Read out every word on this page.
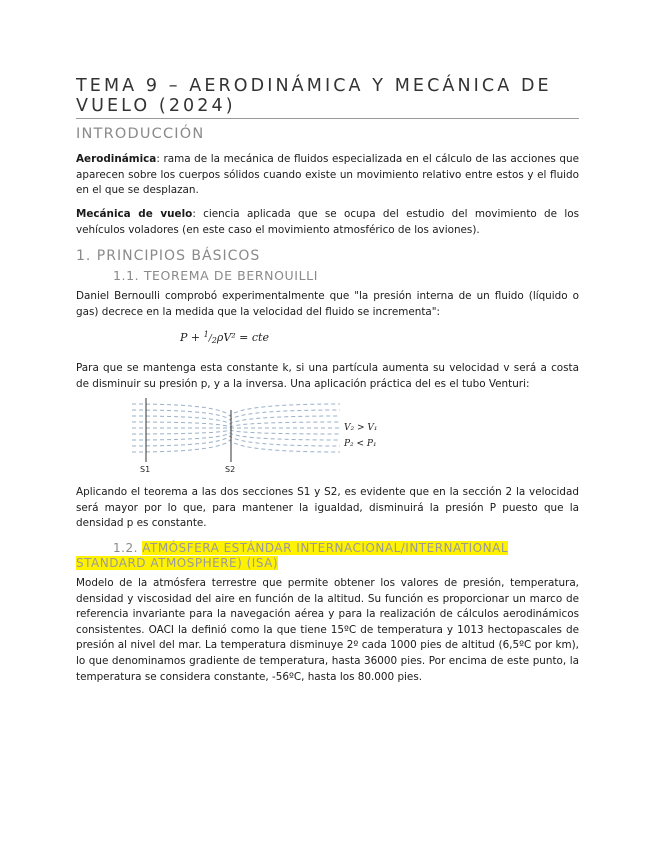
TEMA 9 – AERODINÁMICA Y MECÁNICA DE VUELO (2024)
INTRODUCCIÓN

Aerodinámica: rama de la mecánica de fluidos especializada en el cálculo de las acciones que aparecen sobre los cuerpos sólidos cuando existe un movimiento relativo entre estos y el fluido en el que se desplazan.

Mecánica de vuelo: ciencia aplicada que se ocupa del estudio del movimiento de los vehículos voladores (en este caso el movimiento atmosférico de los aviones).

1. PRINCIPIOS BÁSICOS
1.1. TEOREMA DE BERNOUILLI

Daniel Bernoulli comprobó experimentalmente que "la presión interna de un fluido (líquido o gas) decrece en la medida que la velocidad del fluido se incrementa":

P + $^1$/2ρV² = cte

Para que se mantenga esta constante k, si una partícula aumenta su velocidad v será a costa de disminuir su presión p, y a la inversa. Una aplicación práctica del es el tubo Venturi:

S1	S2
V₂ > V₁
P₂ < P₁

Aplicando el teorema a las dos secciones S1 y S2, es evidente que en la sección 2 la velocidad será mayor por lo que, para mantener la igualdad, disminuirá la presión P puesto que la densidad p es constante.

1.2. ATMÓSFERA ESTÁNDAR INTERNACIONAL/INTERNATIONAL STANDARD ATMOSPHERE) (ISA)

Modelo de la atmósfera terrestre que permite obtener los valores de presión, temperatura, densidad y viscosidad del aire en función de la altitud. Su función es proporcionar un marco de referencia invariante para la navegación aérea y para la realización de cálculos aerodinámicos consistentes. OACI la definió como la que tiene 15ºC de temperatura y 1013 hectopascales de presión al nivel del mar. La temperatura disminuye 2º cada 1000 pies de altitud (6,5ºC por km), lo que denominamos gradiente de temperatura, hasta 36000 pies. Por encima de este punto, la temperatura se considera constante, -56ºC, hasta los 80.000 pies.
